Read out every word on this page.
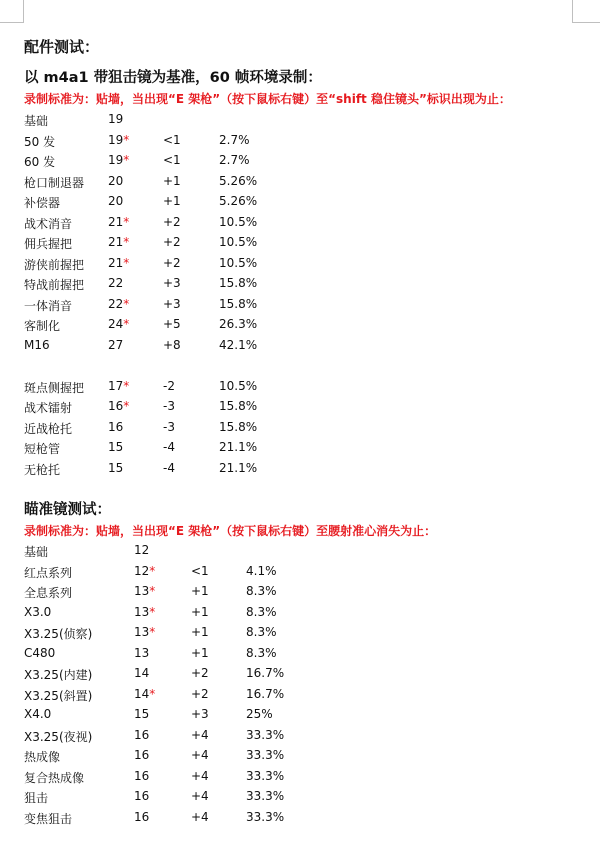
配件测试：
以 m4a1 带狙击镜为基准，60 帧环境录制：
录制标准为：贴墙，当出现“E 架枪”（按下鼠标右键）至“shift 稳住镜头”标识出现为止：
基础	19
50 发	19*	<1	2.7%
60 发	19*	<1	2.7%
枪口制退器 20	+1	5.26%
补偿器	20	+1	5.26%
战术消音	21*	+2	10.5%
佣兵握把	21*	+2	10.5%
游侠前握把 21*	+2	10.5%
特战前握把 22	+3	15.8%
一体消音	22*	+3	15.8%
客制化	24*	+5	26.3%
M16	27	+8	42.1%
斑点侧握把 17*	-2	10.5%
战术镭射	16*	-3	15.8%
近战枪托	16	-3	15.8%
短枪管	15	-4	21.1%
无枪托	15	-4	21.1%
瞄准镜测试：
录制标准为：贴墙，当出现“E 架枪”（按下鼠标右键）至腰射准心消失为止：
基础	12
红点系列	12*	<1	4.1%
全息系列	13*	+1	8.3%
X3.0	13*	+1	8.3%
X3.25(侦察)	13*	+1	8.3%
C480	13	+1	8.3%
X3.25(内建)	14	+2	16.7%
X3.25(斜置)	14*	+2	16.7%
X4.0	15	+3	25%
X3.25(夜视)	16	+4	33.3%
热成像	16	+4	33.3%
复合热成像	16	+4	33.3%
狙击	16	+4	33.3%
变焦狙击	16	+4	33.3%
